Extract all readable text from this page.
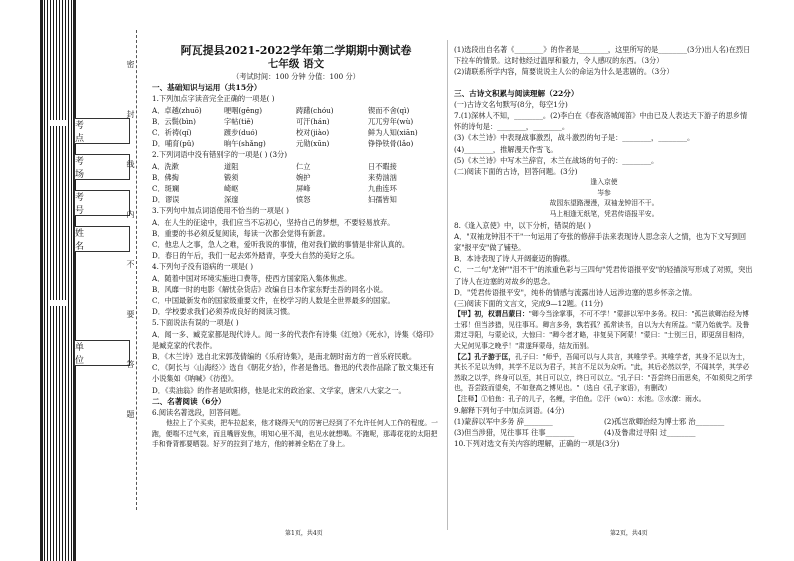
考 点
考 场
考 号
姓 名
单 位
密
封
线
内
不
要
答
题
阿瓦提县2021-2022学年第二学期期中测试卷
七年级 语文

（考试时间：100 分钟 分值：100 分）

一、基础知识与运用（共15分）

1.下列加点字读音完全正确的一项是( )

A．卓越(zhuō)	哽咽(gěng)	踌躇(chóu)	锲而不舍(qì)
B．云鬓(bìn)	字帖(tiě)	可汗(hán)	兀兀穷年(wù)
C．祈祷(qí)	踱步(duó)	校对(jiào)	鲜为人知(xiān)
D．哺育(pǔ)	晌午(shǎng)	元勋(xūn)	铮铮铁骨(lǎo)

2.下列词语中没有错别字的一项是( ) (3分)

A．洗漱	道阻	仁立	日不暇接
B．佛掏	锻须	婉护	来势汹汹
C．斑斓	崎岖	屏峰	九曲连环
D．谬误	深邃	愤怒	妇孺皆知

3.下列句中加点词语使用不恰当的一项是( )

A．在人生的征途中，我们应当不忘初心，坚持自己的梦想，不要轻易放弃。

B．重要的书必须反复阅读，每读一次都会觉得有新意。

C．他忠人之事，急人之难，爱听我说的事情，他对我们做的事情是非常认真的。

D．春日的午后，我们一起去郊外踏青，享受大自然的美好之乐。

4.下列句子没有语病的一项是( )

A．随着中国对环境实施进口费等，使西方国家陷入集体焦虑。

B．风靡一时的电影《解忧杂货店》改编自日本作家东野圭吾的同名小说。

C．中国最新发布的国家级重要文件，在校学习的人数是全世界最多的国家。

D．学校要求我们必须养成良好的阅读习惯。

5.下面说法有误的一项是( )

A．闻一多、臧克家都是现代诗人。闻一多的代表作有诗集《红烛》《死水》，诗集《烙印》是臧克家的代表作。

B．《木兰诗》选自北宋郭茂倩编的《乐府诗集》，是南北朝时南方的一首乐府民歌。

C．《阿长与〈山海经〉》选自《朝花夕拾》，作者是鲁迅。鲁迅的代表作品除了散文集还有小说集如《呐喊》《彷徨》。

D．《卖油翁》的作者是欧阳修，他是北宋的政治家、文学家，唐宋八大家之一。

二、名著阅读（6分）

6.阅读名著选段，回答问题。

他拉上了个买卖，把车拉起来，他才晓得天气的厉害已经到了不允许任何人工作的程度。一跑，便喘不过气来，而且嘴唇发焦，明知心里不渴，也见水就想喝。不跑呢，那毒花花的太阳把手和脊背都要晒裂。好歹的拉到了地方，他的裤裤全粘在了身上。

(1)选段出自名著《________》的作者是________，这里所写的是________(3分)出人名)在烈日下拉车的情景。这时他经过温厚和毅力，令人感叹的东西。（3分）

(2)请联系所学内容，简要说说主人公的命运为什么是悲剧的。（3分）

三、古诗文积累与阅读理解（22分）

(一)古诗文名句默写(8分，每空1分)

7.(1)深林人不知，________。(2)李白在《春夜洛城闻笛》中由已及人表达天下游子的思乡情怀的诗句是：________，________。

(3)《木兰诗》中表现战事激烈，战斗激烈的句子是：________，________。

(4)________，推解漫天作雪飞。

(5)《木兰诗》中写木兰辞官，木兰在战场的句子的：________。

(二)阅读下面的古诗，回答问题。(3分)

逢入京使

岑参

故园东望路漫漫，双袖龙钟泪不干。

马上相逢无纸笔，凭君传语报平安。

8.《逢入京使》中，以下分析，错误的是( )

A．"双袖龙钟泪不干"一句运用了夸张的修辞手法来表现诗人思念亲人之情，也为下文写到回家"报平安"做了铺垫。

B．本诗表现了诗人开阔豪迈的胸襟。

C．一二句"龙钟""泪不干"的浓重色彩与三四句"凭君传语报平安"的轻描淡写形成了对照，突出了诗人在边塞的对故乡的思念。

D．"凭君传语报平安"，纯朴的情感与流露出诗人远涉边塞的思乡怀亲之情。

(三)阅读下面的文言文，完成9—12题。(11分)

【甲】初，权谓吕蒙曰："卿今当涂掌事，不可不学！"蒙辞以军中多务。权曰："孤岂欲卿治经为博士邪！但当涉猎，见往事耳。卿言多务，孰若孤？孤常读书，自以为大有所益。"蒙乃始就学。及鲁肃过寻阳，与蒙论议，大惊曰："卿今者才略，非复吴下阿蒙！"蒙曰："士别三日，即更刮目相待，大兄何见事之晚乎！"肃遂拜蒙母，结友而别。

【乙】孔子游于匡，孔子曰："师乎，吾闻可以与人共言，其唯学乎。其唯学者，其身不足以为士，其长不足以为帅，其学不足以为君子，其言不足以为众听。"此，其后必然以学，不闻其学，其学必然取之以学，终身可以至，其日可以立，终日可以立。"孔子曰："吾尝终日而思矣，不如须臾之所学也，吾尝跂而望矣，不如登高之博见也。"（选自《孔子家语》，有删改）

【注释】①伯鱼：孔子的儿子，名鲤，字伯鱼。②汗（wū）：水池。③水潦：雨水。

9.解释下列句子中加点词语。(4分)

(1)蒙辞以军中多务 辞________	(2)孤岂欲卿治经为博士邪 治________
(3)但当涉猎，见往事耳 往事________	(4)及鲁肃过寻阳 过________

10.下列对选文有关内容的理解，正确的一项是(3分)

第1页，共4页	第2页，共4页
